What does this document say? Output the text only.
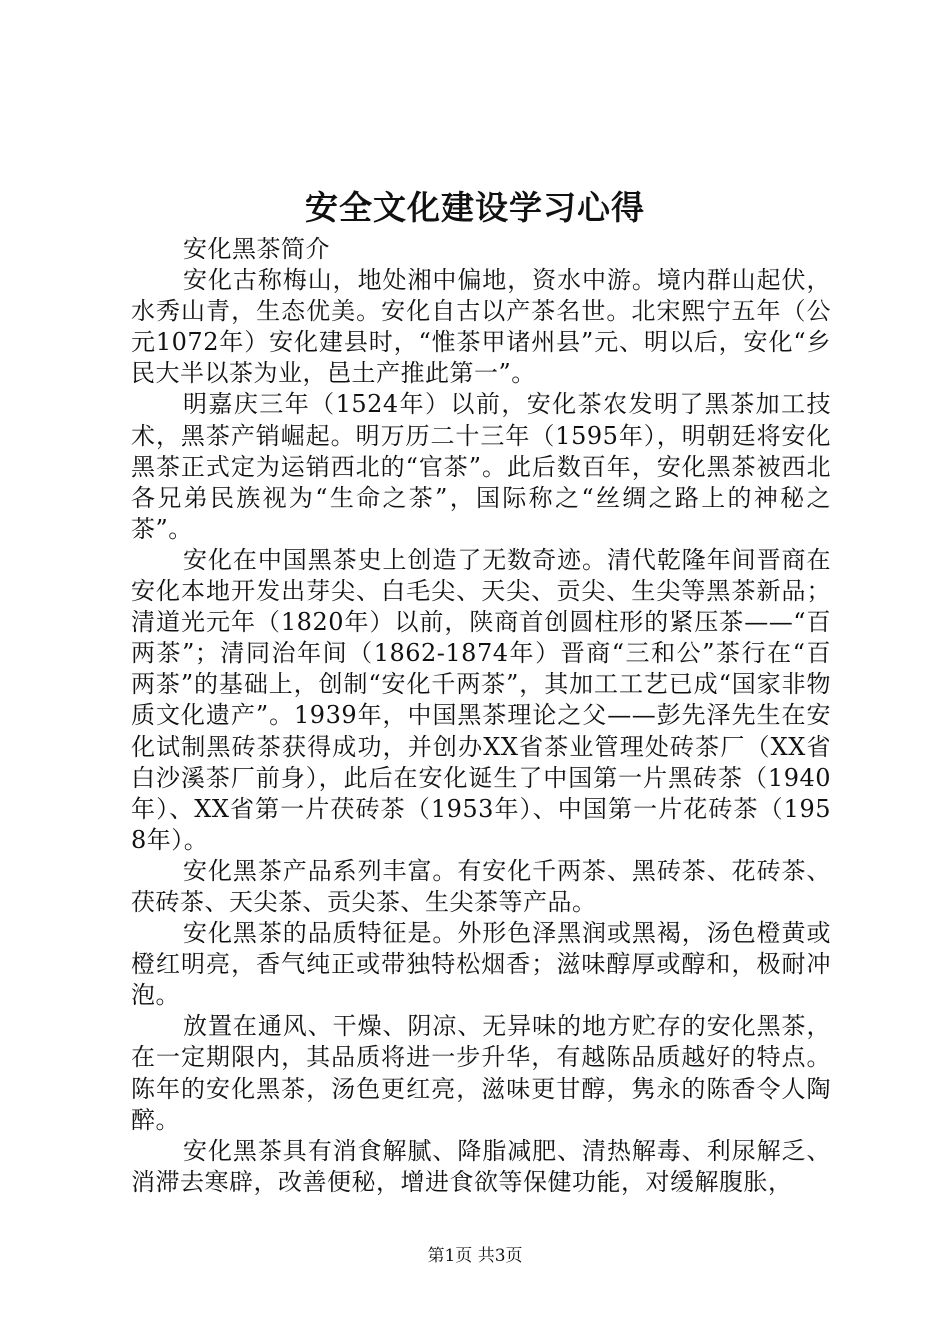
安全文化建设学习心得

安化黑茶简介

安化古称梅山，地处湘中偏地，资水中游。境内群山起伏，水秀山青，生态优美。安化自古以产茶名世。北宋熙宁五年（公元1072年）安化建县时，“惟茶甲诸州县”元、明以后，安化“乡民大半以茶为业，邑土产推此第一”。

明嘉庆三年（1524年）以前，安化茶农发明了黑茶加工技术，黑茶产销崛起。明万历二十三年（1595年），明朝廷将安化黑茶正式定为运销西北的“官茶”。此后数百年，安化黑茶被西北各兄弟民族视为“生命之茶”，国际称之“丝绸之路上的神秘之茶”。

安化在中国黑茶史上创造了无数奇迹。清代乾隆年间晋商在安化本地开发出芽尖、白毛尖、天尖、贡尖、生尖等黑茶新品；清道光元年（1820年）以前，陕商首创圆柱形的紧压茶——“百两茶”；清同治年间（1862-1874年）晋商“三和公”茶行在“百两茶”的基础上，创制“安化千两茶”，其加工工艺已成“国家非物质文化遗产”。1939年，中国黑茶理论之父——彭先泽先生在安化试制黑砖茶获得成功，并创办XX省茶业管理处砖茶厂（XX省白沙溪茶厂前身），此后在安化诞生了中国第一片黑砖茶（1940年）、XX省第一片茯砖茶（1953年）、中国第一片花砖茶（1958年）。

安化黑茶产品系列丰富。有安化千两茶、黑砖茶、花砖茶、茯砖茶、天尖茶、贡尖茶、生尖茶等产品。

安化黑茶的品质特征是。外形色泽黑润或黑褐，汤色橙黄或橙红明亮，香气纯正或带独特松烟香；滋味醇厚或醇和，极耐冲泡。

放置在通风、干燥、阴凉、无异味的地方贮存的安化黑茶，在一定期限内，其品质将进一步升华，有越陈品质越好的特点。陈年的安化黑茶，汤色更红亮，滋味更甘醇，隽永的陈香令人陶醉。

安化黑茶具有消食解腻、降脂减肥、清热解毒、利尿解乏、消滞去寒辟，改善便秘，增进食欲等保健功能，对缓解腹胀，

第1页 共3页
